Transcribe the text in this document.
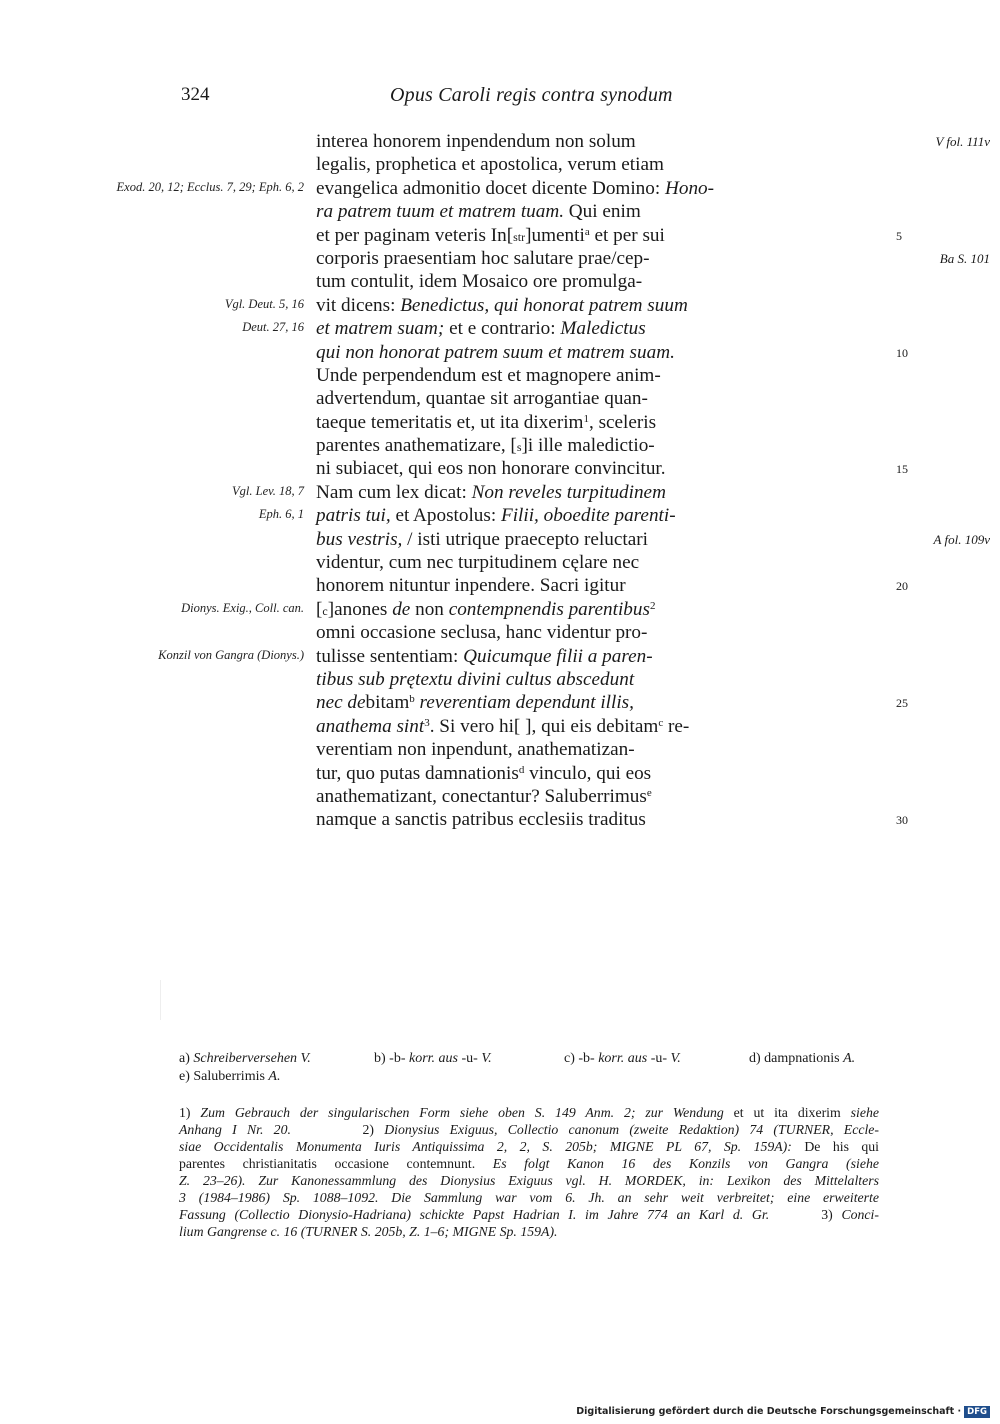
324	Opus Caroli regis contra synodum
interea honorem inpendendum non solum	V fol. 111v
legalis, prophetica et apostolica, verum etiam
Exod. 20, 12; Ecclus. 7, 29; Eph. 6, 2 evangelica admonitio docet dicente Domino: Hono-
ra patrem tuum et matrem tuam. Qui enim
et per paginam veteris In[str]umenti$^a$ et per sui	5
corporis praesentiam hoc salutare prae/cep-	Ba S. 101
tum contulit, idem Mosaico ore promulga-
Vgl. Deut. 5, 16 vit dicens: Benedictus, qui honorat patrem suum
Deut. 27, 16 et matrem suam; et e contrario: Maledictus
qui non honorat patrem suum et matrem suam.	10
Unde perpendendum est et magnopere anim-
advertendum, quantae sit arrogantiae quan-
taeque temeritatis et, ut ita dixerim$^1$, sceleris
parentes anathematizare, [s]i ille maledictio-
ni subiacet, qui eos non honorare convincitur.	15
Vgl. Lev. 18, 7 Nam cum lex dicat: Non reveles turpitudinem
Eph. 6, 1 patris tui, et Apostolus: Filii, oboedite parenti-
bus vestris, / isti utrique praecepto reluctari	A fol. 109v
videntur, cum nec turpitudinem cęlare nec
honorem nituntur inpendere. Sacri igitur	20
Dionys. Exig., Coll. can. [c]anones de non contempnendis parentibus$^2$
omni occasione seclusa, hanc videntur pro-
Konzil von Gangra (Dionys.) tulisse sententiam: Quicumque filii a paren-
tibus sub prętextu divini cultus abscedunt
nec debitam$^b$ reverentiam dependunt illis,	25
anathema sint$^3$. Si vero hi[ ], qui eis debitam$^c$ re-
verentiam non inpendunt, anathematizan-
tur, quo putas damnationis$^d$ vinculo, qui eos
anathematizant, conectantur? Saluberrimus$^e$
namque a sanctis patribus ecclesiis traditus	30
a) Schreiberversehen V.	b) -b- korr. aus -u- V.	c) -b- korr. aus -u- V.	d) dampnationis A.
e) Saluberrimis A.
1) Zum Gebrauch der singularischen Form siehe oben S. 149 Anm. 2; zur Wendung et ut ita dixerim siehe
Anhang I Nr. 20.       2) Dionysius Exiguus, Collectio canonum (zweite Redaktion) 74 (TURNER, Eccle-
siae Occidentalis Monumenta Iuris Antiquissima 2, 2, S. 205b; MIGNE PL 67, Sp. 159A): De his qui
parentes christianitatis occasione contemnunt. Es folgt Kanon 16 des Konzils von Gangra (siehe
Z. 23–26). Zur Kanonessammlung des Dionysius Exiguus vgl. H. MORDEK, in: Lexikon des Mittelalters
3 (1984–1986) Sp. 1088–1092. Die Sammlung war vom 6. Jh. an sehr weit verbreitet; eine erweiterte
Fassung (Collectio Dionysio-Hadriana) schickte Papst Hadrian I. im Jahre 774 an Karl d. Gr.      3) Conci-
lium Gangrense c. 16 (TURNER S. 205b, Z. 1–6; MIGNE Sp. 159A).
Digitalisierung gefördert durch die Deutsche Forschungsgemeinschaft · DFG
